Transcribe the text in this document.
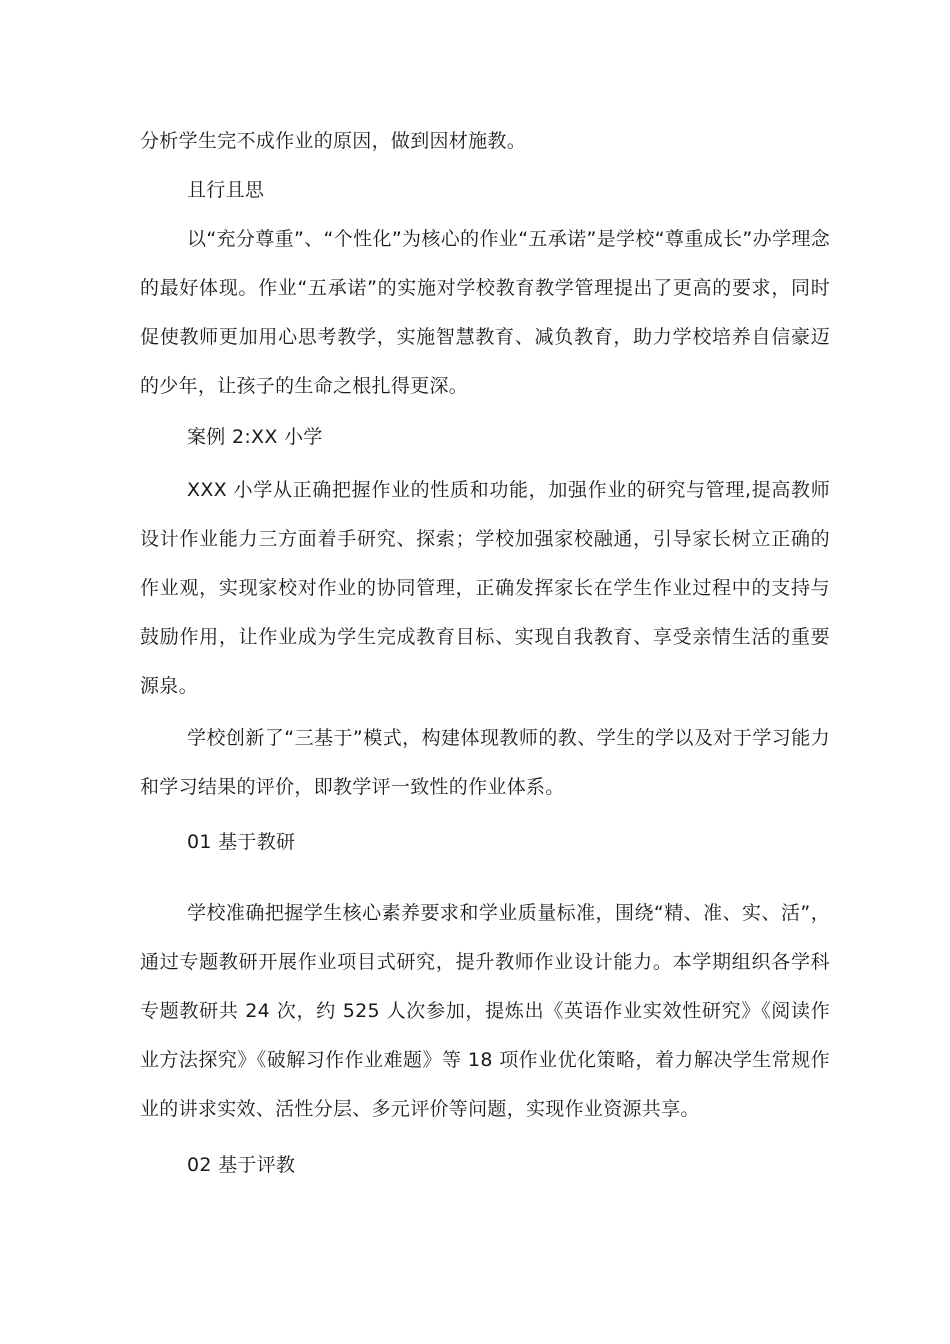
分析学生完不成作业的原因，做到因材施教。

且行且思

以“充分尊重”、“个性化”为核心的作业“五承诺”是学校“尊重成长”办学理念的最好体现。作业“五承诺”的实施对学校教育教学管理提出了更高的要求，同时促使教师更加用心思考教学，实施智慧教育、减负教育，助力学校培养自信豪迈的少年，让孩子的生命之根扎得更深。

案例 2:XX 小学

XXX 小学从正确把握作业的性质和功能，加强作业的研究与管理,提高教师设计作业能力三方面着手研究、探索；学校加强家校融通，引导家长树立正确的作业观，实现家校对作业的协同管理，正确发挥家长在学生作业过程中的支持与鼓励作用，让作业成为学生完成教育目标、实现自我教育、享受亲情生活的重要源泉。

学校创新了“三基于”模式，构建体现教师的教、学生的学以及对于学习能力和学习结果的评价，即教学评一致性的作业体系。

01 基于教研

学校准确把握学生核心素养要求和学业质量标准，围绕“精、准、实、活”，通过专题教研开展作业项目式研究，提升教师作业设计能力。本学期组织各学科专题教研共 24 次，约 525 人次参加，提炼出《英语作业实效性研究》《阅读作业方法探究》《破解习作作业难题》等 18 项作业优化策略，着力解决学生常规作业的讲求实效、活性分层、多元评价等问题，实现作业资源共享。

02 基于评教
